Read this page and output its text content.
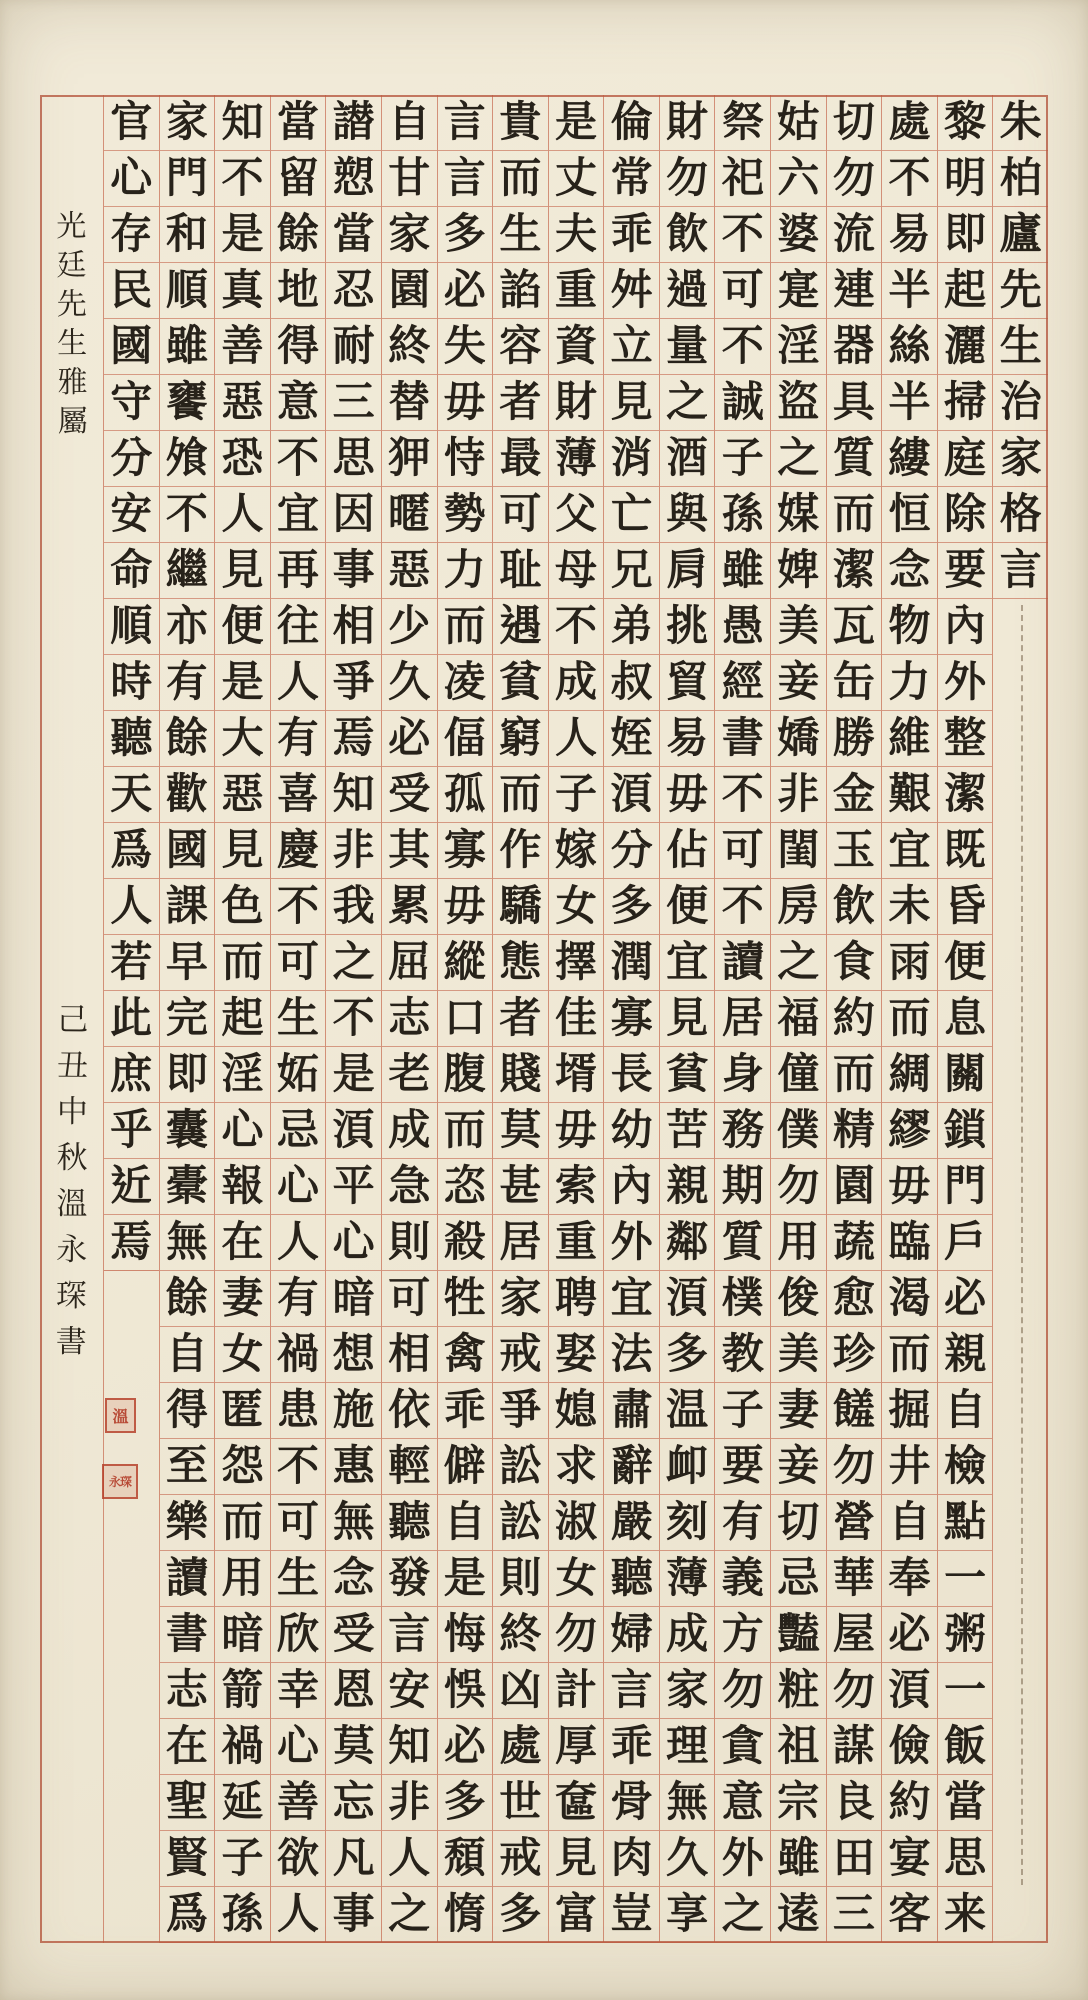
朱
柏
廬
先
生
治
家
格
言
黎
明
即
起
灑
掃
庭
除
要
內
外
整
潔
既
昏
便
息
關
鎖
門
戶
必
親
自
檢
點
一
粥
一
飯
當
思
来
處
不
易
半
絲
半
縷
恒
念
物
力
維
艱
宜
未
雨
而
綢
繆
毋
臨
渴
而
掘
井
自
奉
必
湏
儉
約
宴
客
切
勿
流
連
器
具
質
而
潔
瓦
缶
勝
金
玉
飲
食
約
而
精
園
蔬
愈
珍
饈
勿
營
華
屋
勿
謀
良
田
三
姑
六
婆
寔
淫
盜
之
媒
婢
美
妾
嬌
非
閨
房
之
福
僮
僕
勿
用
俊
美
妻
妾
切
忌
豔
粧
祖
宗
雖
逺
祭
祀
不
可
不
誠
子
孫
雖
愚
經
書
不
可
不
讀
居
身
務
期
質
樸
教
子
要
有
義
方
勿
貪
意
外
之
財
勿
飲
過
量
之
酒
與
肩
挑
貿
易
毋
佔
便
宜
見
貧
苦
親
鄰
湏
多
温
卹
刻
薄
成
家
理
無
久
享
倫
常
乖
舛
立
見
消
亡
兄
弟
叔
姪
湏
分
多
潤
寡
長
幼
內
外
宜
法
肅
辭
嚴
聽
婦
言
乖
骨
肉
豈
是
丈
夫
重
資
財
薄
父
母
不
成
人
子
嫁
女
擇
佳
壻
毋
索
重
聘
娶
媳
求
淑
女
勿
計
厚
奩
見
富
貴
而
生
諂
容
者
最
可
耻
遇
貧
窮
而
作
驕
態
者
賤
莫
甚
居
家
戒
爭
訟
訟
則
終
凶
處
世
戒
多
言
言
多
必
失
毋
恃
勢
力
而
凌
偪
孤
寡
毋
縱
口
腹
而
恣
殺
牲
禽
乖
僻
自
是
悔
悞
必
多
頹
惰
自
甘
家
園
終
替
狎
暱
惡
少
久
必
受
其
累
屈
志
老
成
急
則
可
相
依
輕
聽
發
言
安
知
非
人
之
譛
愬
當
忍
耐
三
思
因
事
相
爭
焉
知
非
我
之
不
是
湏
平
心
暗
想
施
惠
無
念
受
恩
莫
忘
凡
事
當
留
餘
地
得
意
不
宜
再
往
人
有
喜
慶
不
可
生
妬
忌
心
人
有
禍
患
不
可
生
欣
幸
心
善
欲
人
知
不
是
真
善
惡
恐
人
見
便
是
大
惡
見
色
而
起
淫
心
報
在
妻
女
匿
怨
而
用
暗
箭
禍
延
子
孫
家
門
和
順
雖
饔
飧
不
繼
亦
有
餘
歡
國
課
早
完
即
囊
橐
無
餘
自
得
至
樂
讀
書
志
在
聖
賢
爲
官
心
存
民
國
守
分
安
命
順
時
聽
天
爲
人
若
此
庶
乎
近
焉
光
廷
先
生
雅
屬
己
丑
中
秋
溫
永
琛
書
溫
永琛
